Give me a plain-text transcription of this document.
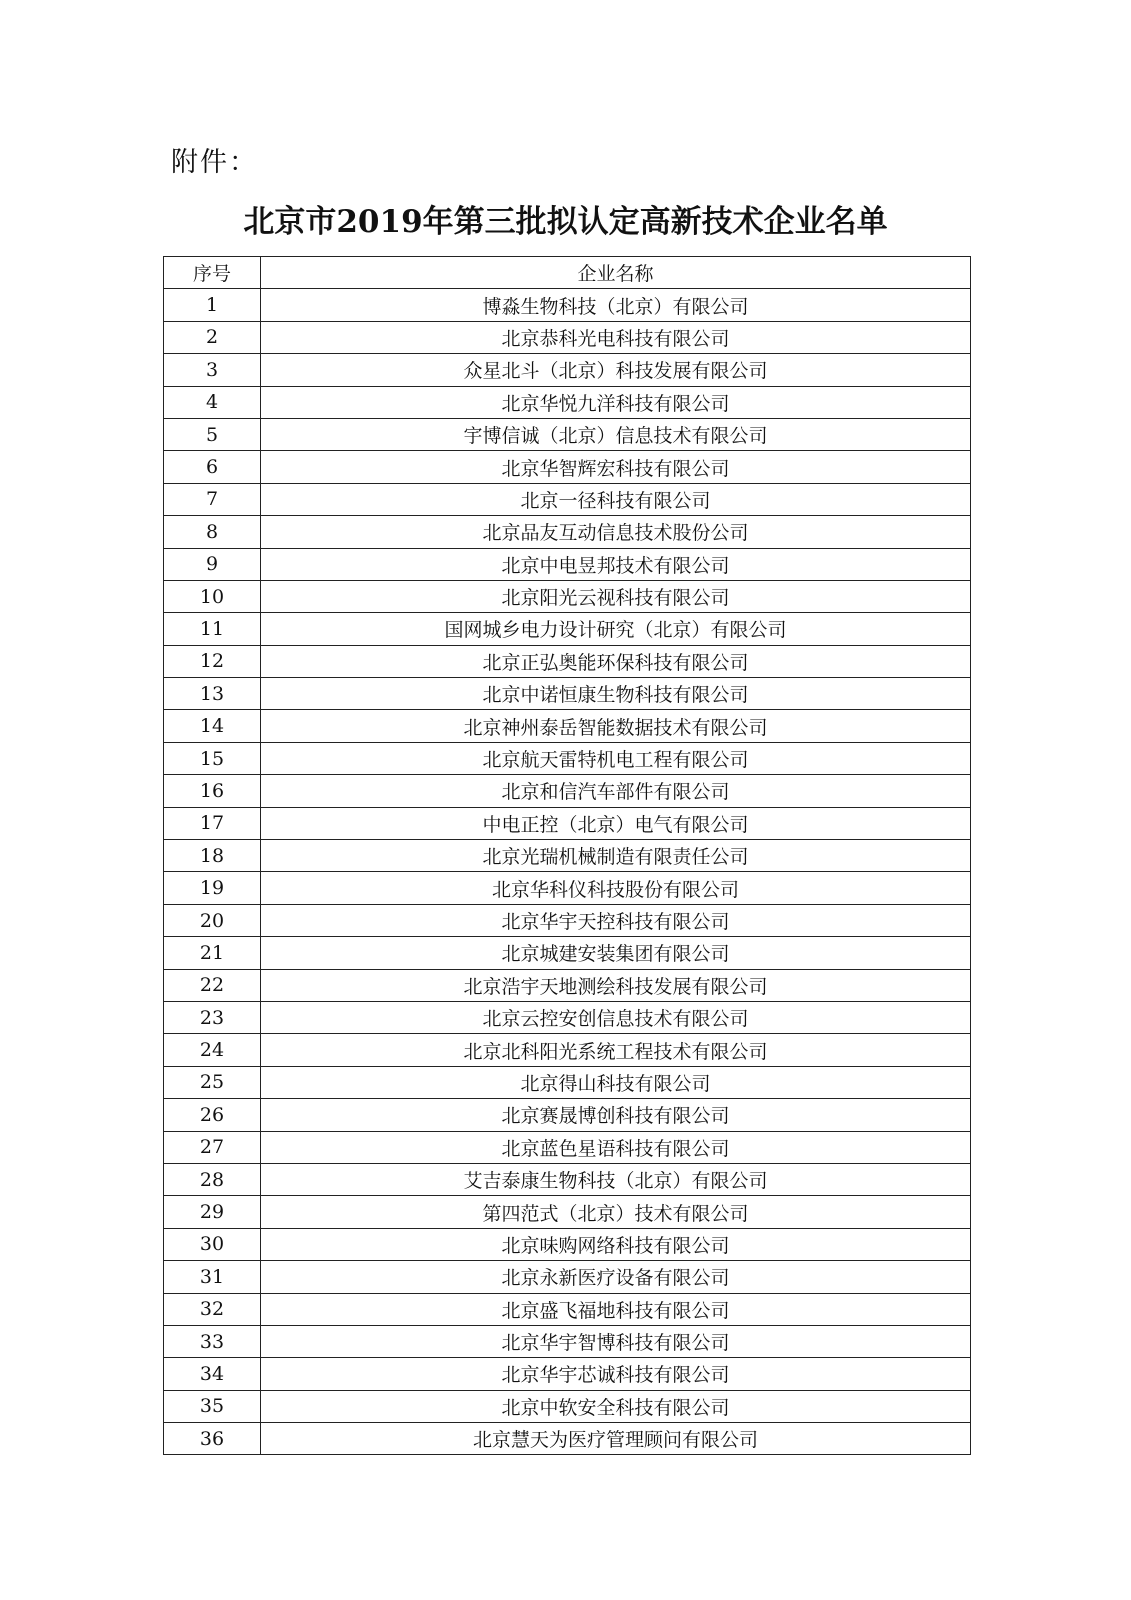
附件：
北京市2019年第三批拟认定高新技术企业名单
序号	企业名称
1	博淼生物科技（北京）有限公司
2	北京恭科光电科技有限公司
3	众星北斗（北京）科技发展有限公司
4	北京华悦九洋科技有限公司
5	宇博信诚（北京）信息技术有限公司
6	北京华智辉宏科技有限公司
7	北京一径科技有限公司
8	北京品友互动信息技术股份公司
9	北京中电昱邦技术有限公司
10	北京阳光云视科技有限公司
11	国网城乡电力设计研究（北京）有限公司
12	北京正弘奥能环保科技有限公司
13	北京中诺恒康生物科技有限公司
14	北京神州泰岳智能数据技术有限公司
15	北京航天雷特机电工程有限公司
16	北京和信汽车部件有限公司
17	中电正控（北京）电气有限公司
18	北京光瑞机械制造有限责任公司
19	北京华科仪科技股份有限公司
20	北京华宇天控科技有限公司
21	北京城建安装集团有限公司
22	北京浩宇天地测绘科技发展有限公司
23	北京云控安创信息技术有限公司
24	北京北科阳光系统工程技术有限公司
25	北京得山科技有限公司
26	北京赛晟博创科技有限公司
27	北京蓝色星语科技有限公司
28	艾吉泰康生物科技（北京）有限公司
29	第四范式（北京）技术有限公司
30	北京味购网络科技有限公司
31	北京永新医疗设备有限公司
32	北京盛飞福地科技有限公司
33	北京华宇智博科技有限公司
34	北京华宇芯诚科技有限公司
35	北京中软安全科技有限公司
36	北京慧天为医疗管理顾问有限公司
